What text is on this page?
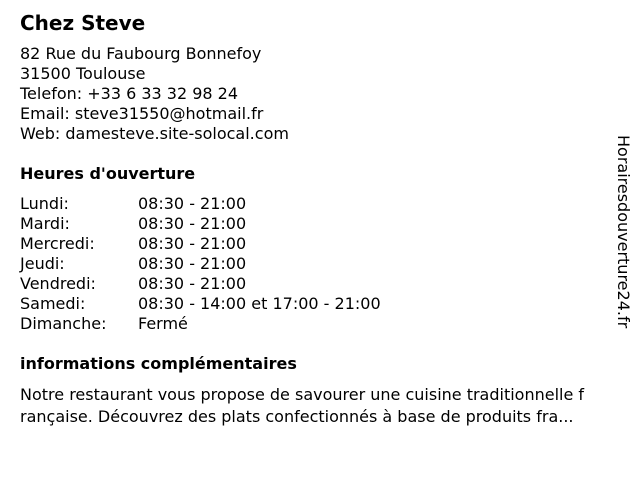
Chez Steve
82 Rue du Faubourg Bonnefoy
31500 Toulouse
Telefon: +33 6 33 32 98 24
Email: steve31550@hotmail.fr
Web: damesteve.site-solocal.com
Heures d'ouverture
Lundi:	08:30 - 21:00
Mardi:	08:30 - 21:00
Mercredi:	08:30 - 21:00
Jeudi:	08:30 - 21:00
Vendredi:	08:30 - 21:00
Samedi:	08:30 - 14:00 et 17:00 - 21:00
Dimanche:	Fermé
informations complémentaires
Notre restaurant vous propose de savourer une cuisine traditionnelle f
rançaise. Découvrez des plats confectionnés à base de produits fra...
Horairesdouverture24.fr
